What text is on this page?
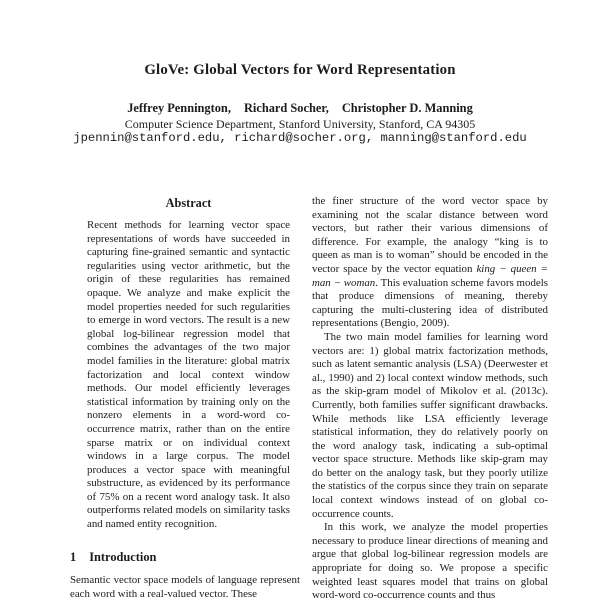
GloVe: Global Vectors for Word Representation
Jeffrey Pennington, Richard Socher, Christopher D. Manning
Computer Science Department, Stanford University, Stanford, CA 94305
jpennin@stanford.edu, richard@socher.org, manning@stanford.edu
Abstract
Recent methods for learning vector space representations of words have succeeded in capturing fine-grained semantic and syntactic regularities using vector arithmetic, but the origin of these regularities has remained opaque. We analyze and make explicit the model properties needed for such regularities to emerge in word vectors. The result is a new global log-bilinear regression model that combines the advantages of the two major model families in the literature: global matrix factorization and local context window methods. Our model efficiently leverages statistical information by training only on the nonzero elements in a word-word co-occurrence matrix, rather than on the entire sparse matrix or on individual context windows in a large corpus. The model produces a vector space with meaningful substructure, as evidenced by its performance of 75% on a recent word analogy task. It also outperforms related models on similarity tasks and named entity recognition.
1 Introduction
Semantic vector space models of language represent each word with a real-valued vector. These

the finer structure of the word vector space by examining not the scalar distance between word vectors, but rather their various dimensions of difference. For example, the analogy “king is to queen as man is to woman” should be encoded in the vector space by the vector equation king − queen = man − woman. This evaluation scheme favors models that produce dimensions of meaning, thereby capturing the multi-clustering idea of distributed representations (Bengio, 2009).

The two main model families for learning word vectors are: 1) global matrix factorization methods, such as latent semantic analysis (LSA) (Deerwester et al., 1990) and 2) local context window methods, such as the skip-gram model of Mikolov et al. (2013c). Currently, both families suffer significant drawbacks. While methods like LSA efficiently leverage statistical information, they do relatively poorly on the word analogy task, indicating a sub-optimal vector space structure. Methods like skip-gram may do better on the analogy task, but they poorly utilize the statistics of the corpus since they train on separate local context windows instead of on global co-occurrence counts.

In this work, we analyze the model properties necessary to produce linear directions of meaning and argue that global log-bilinear regression models are appropriate for doing so. We propose a specific weighted least squares model that trains on global word-word co-occurrence counts and thus
